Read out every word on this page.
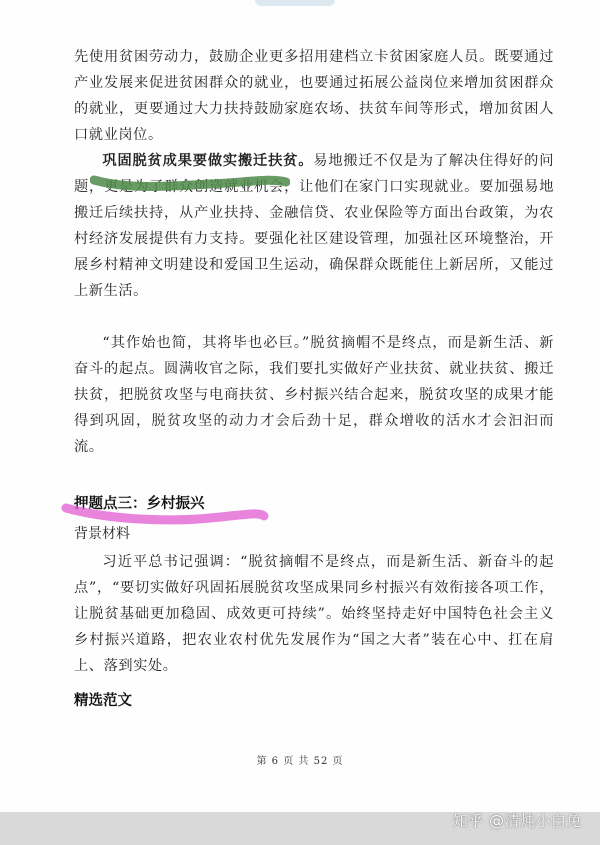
先使用贫困劳动力，鼓励企业更多招用建档立卡贫困家庭人员。既要通过产业发展来促进贫困群众的就业，也要通过拓展公益岗位来增加贫困群众的就业，更要通过大力扶持鼓励家庭农场、扶贫车间等形式，增加贫困人口就业岗位。

巩固脱贫成果要做实搬迁扶贫。易地搬迁不仅是为了解决住得好的问题，更是为了群众创造就业机会，让他们在家门口实现就业。要加强易地搬迁后续扶持，从产业扶持、金融信贷、农业保险等方面出台政策，为农村经济发展提供有力支持。要强化社区建设管理，加强社区环境整治，开展乡村精神文明建设和爱国卫生运动，确保群众既能住上新居所，又能过上新生活。

“其作始也简，其将毕也必巨。”脱贫摘帽不是终点，而是新生活、新奋斗的起点。圆满收官之际，我们要扎实做好产业扶贫、就业扶贫、搬迁扶贫，把脱贫攻坚与电商扶贫、乡村振兴结合起来，脱贫攻坚的成果才能得到巩固，脱贫攻坚的动力才会后劲十足，群众增收的活水才会汩汩而流。

押题点三：乡村振兴
背景材料

习近平总书记强调：“脱贫摘帽不是终点，而是新生活、新奋斗的起点”，“要切实做好巩固拓展脱贫攻坚成果同乡村振兴有效衔接各项工作，让脱贫基础更加稳固、成效更可持续”。始终坚持走好中国特色社会主义乡村振兴道路，把农业农村优先发展作为“国之大者”装在心中、扛在肩上、落到实处。

精选范文
第 6 页 共 52 页
知乎 @清炖小白兔
